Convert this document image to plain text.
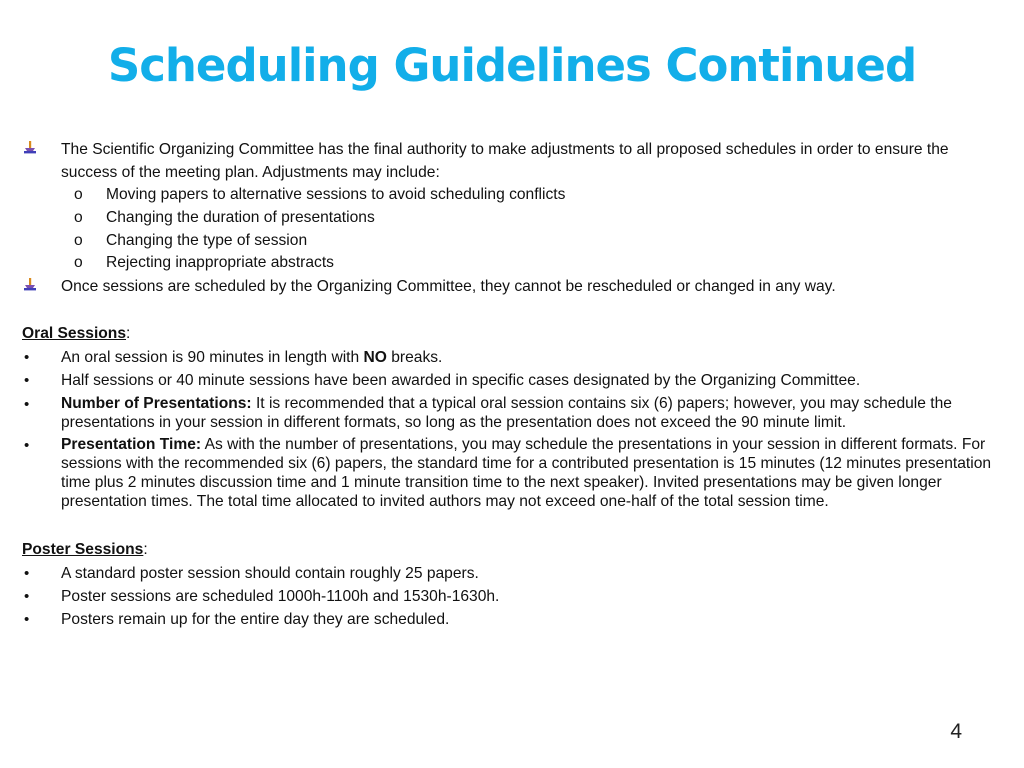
Scheduling Guidelines Continued
The Scientific Organizing Committee has the final authority to make adjustments to all proposed schedules in order to ensure the success of the meeting plan. Adjustments may include:
o	Moving papers to alternative sessions to avoid scheduling conflicts
o	Changing the duration of presentations
o	Changing the type of session
o	Rejecting inappropriate abstracts
Once sessions are scheduled by the Organizing Committee, they cannot be rescheduled or changed in any way.
Oral Sessions:
•	An oral session is 90 minutes in length with NO breaks.
•	Half sessions or 40 minute sessions have been awarded in specific cases designated by the Organizing Committee.
•	Number of Presentations: It is recommended that a typical oral session contains six (6) papers; however, you may schedule the presentations in your session in different formats, so long as the presentation does not exceed the 90 minute limit.
•	Presentation Time: As with the number of presentations, you may schedule the presentations in your session in different formats. For sessions with the recommended six (6) papers, the standard time for a contributed presentation is 15 minutes (12 minutes presentation time plus 2 minutes discussion time and 1 minute transition time to the next speaker). Invited presentations may be given longer presentation times. The total time allocated to invited authors may not exceed one-half of the total session time.
Poster Sessions:
•	A standard poster session should contain roughly 25 papers.
•	Poster sessions are scheduled 1000h-1100h and 1530h-1630h.
•	Posters remain up for the entire day they are scheduled.
4
